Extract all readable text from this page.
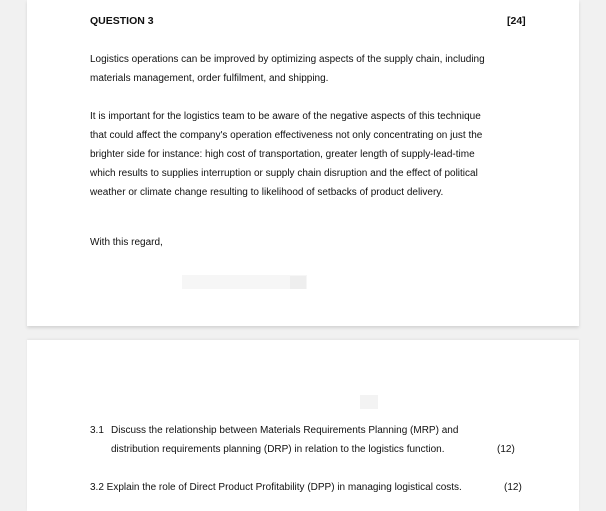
QUESTION 3	[24]
Logistics operations can be improved by optimizing aspects of the supply chain, including
materials management, order fulfilment, and shipping.
It is important for the logistics team to be aware of the negative aspects of this technique
that could affect the company's operation effectiveness not only concentrating on just the
brighter side for instance: high cost of transportation, greater length of supply-lead-time
which results to supplies interruption or supply chain disruption and the effect of political
weather or climate change resulting to likelihood of setbacks of product delivery.
With this regard,
3.1 Discuss the relationship between Materials Requirements Planning (MRP) and
distribution requirements planning (DRP) in relation to the logistics function.	(12)
3.2 Explain the role of Direct Product Profitability (DPP) in managing logistical costs.	(12)
